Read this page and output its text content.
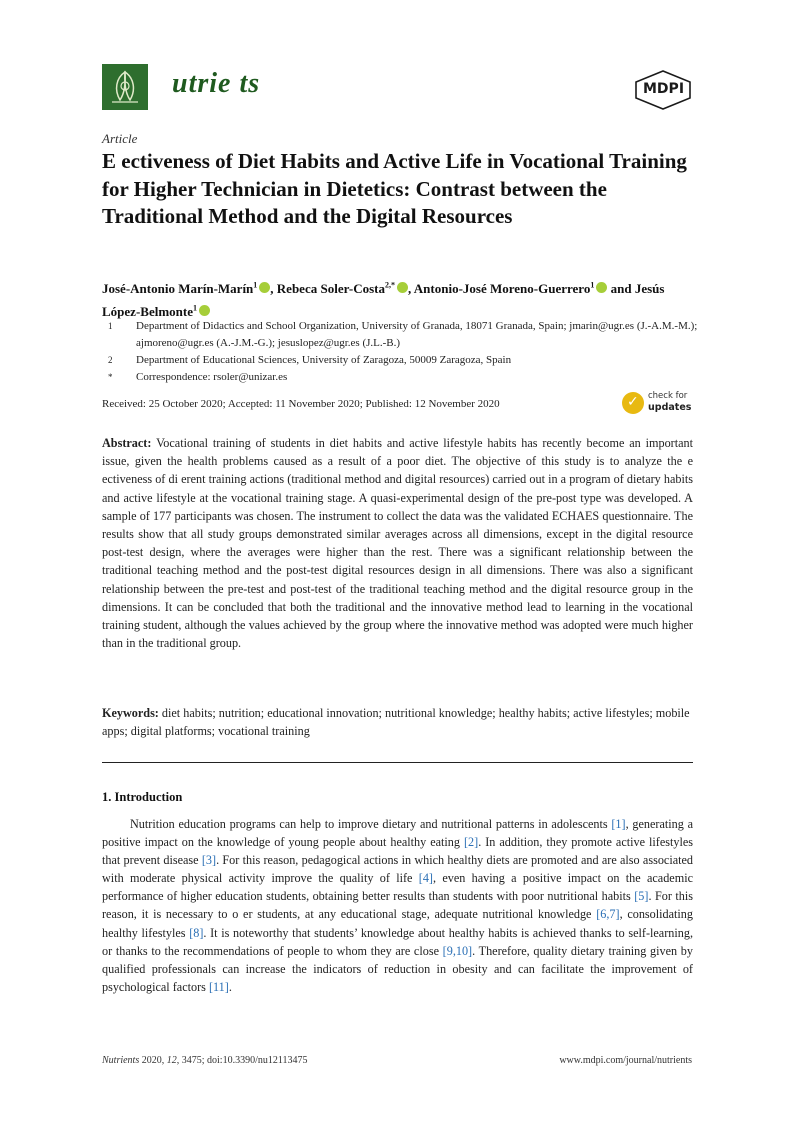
utrie ts	MDPI
Article
E ectiveness of Diet Habits and Active Life in Vocational Training for Higher Technician in Dietetics: Contrast between the Traditional Method and the Digital Resources
José-Antonio Marín-Marín$^1$ , Rebeca Soler-Costa$^{2,*}$ , Antonio-José Moreno-Guerrero$^1$ and Jesús López-Belmonte$^1$
1	Department of Didactics and School Organization, University of Granada, 18071 Granada, Spain; jmarin@ugr.es (J.-A.M.-M.); ajmoreno@ugr.es (A.-J.M.-G.); jesuslopez@ugr.es (J.L.-B.)
2	Department of Educational Sciences, University of Zaragoza, 50009 Zaragoza, Spain
*	Correspondence: rsoler@unizar.es
Received: 25 October 2020; Accepted: 11 November 2020; Published: 12 November 2020	✓ check for
updates
Abstract: Vocational training of students in diet habits and active lifestyle habits has recently become an important issue, given the health problems caused as a result of a poor diet. The objective of this study is to analyze the e ectiveness of di erent training actions (traditional method and digital resources) carried out in a program of dietary habits and active lifestyle at the vocational training stage. A quasi-experimental design of the pre-post type was developed. A sample of 177 participants was chosen. The instrument to collect the data was the validated ECHAES questionnaire. The results show that all study groups demonstrated similar averages across all dimensions, except in the digital resource post-test design, where the averages were higher than the rest. There was a significant relationship between the traditional teaching method and the post-test digital resources design in all dimensions. There was also a significant relationship between the pre-test and post-test of the traditional teaching method and the digital resource group in the dimensions. It can be concluded that both the traditional and the innovative method lead to learning in the vocational training student, although the values achieved by the group where the innovative method was adopted were much higher than in the traditional group.
Keywords: diet habits; nutrition; educational innovation; nutritional knowledge; healthy habits; active lifestyles; mobile apps; digital platforms; vocational training
1. Introduction
Nutrition education programs can help to improve dietary and nutritional patterns in adolescents [1], generating a positive impact on the knowledge of young people about healthy eating [2]. In addition, they promote active lifestyles that prevent disease [3]. For this reason, pedagogical actions in which healthy diets are promoted and are also associated with moderate physical activity improve the quality of life [4], even having a positive impact on the academic performance of higher education students, obtaining better results than students with poor nutritional habits [5]. For this reason, it is necessary to o er students, at any educational stage, adequate nutritional knowledge [6,7], consolidating healthy lifestyles [8]. It is noteworthy that students’ knowledge about healthy habits is achieved thanks to self-learning, or thanks to the recommendations of people to whom they are close [9,10]. Therefore, quality dietary training given by qualified professionals can increase the indicators of reduction in obesity and can facilitate the improvement of psychological factors [11].
Nutrients 2020, 12, 3475; doi:10.3390/nu12113475	www.mdpi.com/journal/nutrients
